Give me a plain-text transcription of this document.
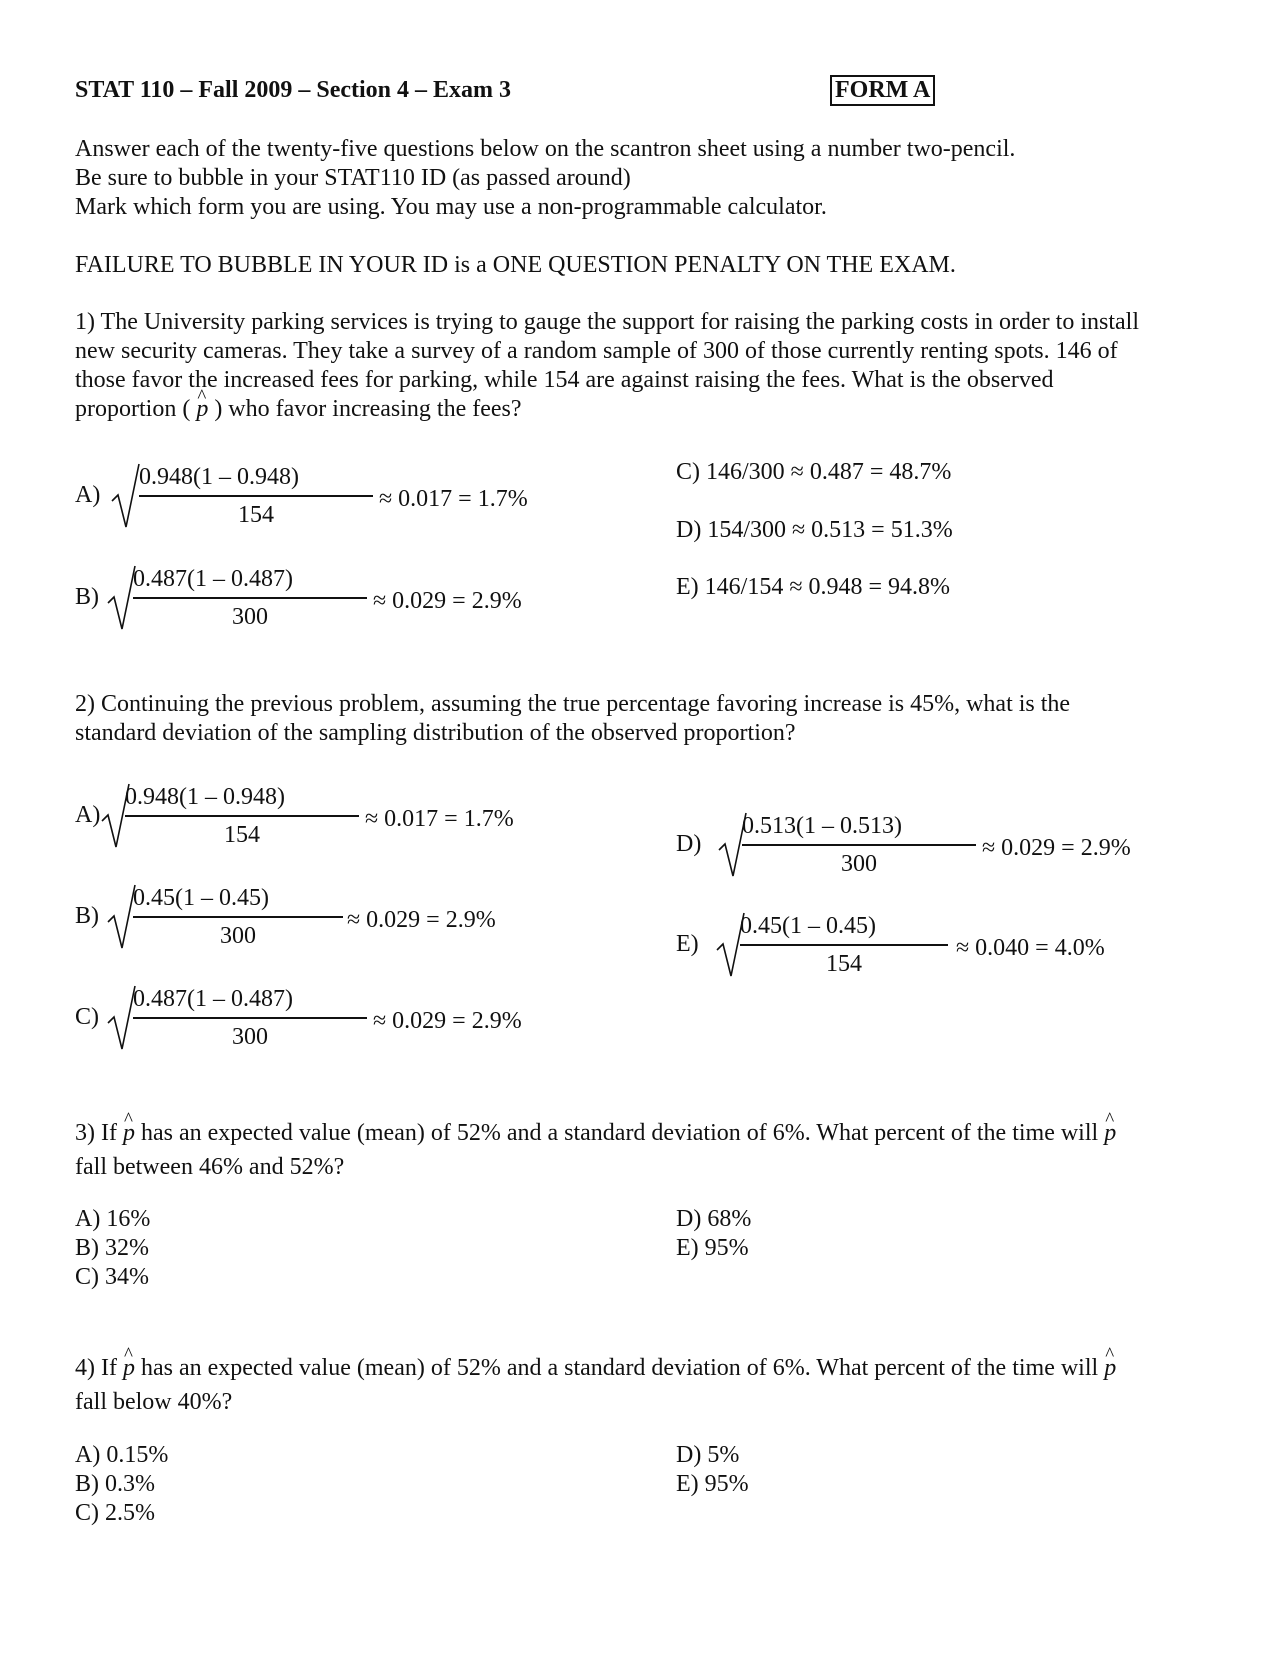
STAT 110 – Fall 2009 – Section 4 – Exam 3	FORM A
Answer each of the twenty-five questions below on the scantron sheet using a number two-pencil.
Be sure to bubble in your STAT110 ID (as passed around)
Mark which form you are using. You may use a non-programmable calculator.
FAILURE TO BUBBLE IN YOUR ID is a ONE QUESTION PENALTY ON THE EXAM.
1) The University parking services is trying to gauge the support for raising the parking costs in order to install
new security cameras. They take a survey of a random sample of 300 of those currently renting spots. 146 of
those favor the increased fees for parking, while 154 are against raising the fees. What is the observed
proportion ( ^ p ) who favor increasing the fees?
A)
0.948(1 – 0.948)
154
≈ 0.017 = 1.7%
B)
0.487(1 – 0.487)
300
≈ 0.029 = 2.9%
C) 146/300 ≈ 0.487 = 48.7%
D) 154/300 ≈ 0.513 = 51.3%
E) 146/154 ≈ 0.948 = 94.8%
2) Continuing the previous problem, assuming the true percentage favoring increase is 45%, what is the
standard deviation of the sampling distribution of the observed proportion?
A)
0.948(1 – 0.948)
154
≈ 0.017 = 1.7%
B)
0.45(1 – 0.45)
300
≈ 0.029 = 2.9%
C)
0.487(1 – 0.487)
300
≈ 0.029 = 2.9%
D)
0.513(1 – 0.513)
300
≈ 0.029 = 2.9%
E)
0.45(1 – 0.45)
154
≈ 0.040 = 4.0%
3) If ^ p has an expected value (mean) of 52% and a standard deviation of 6%. What percent of the time will ^ p
fall between 46% and 52%?
A) 16%
B) 32%
C) 34%
D) 68%
E) 95%
4) If ^ p has an expected value (mean) of 52% and a standard deviation of 6%. What percent of the time will ^ p
fall below 40%?
A) 0.15%
B) 0.3%
C) 2.5%
D) 5%
E) 95%
